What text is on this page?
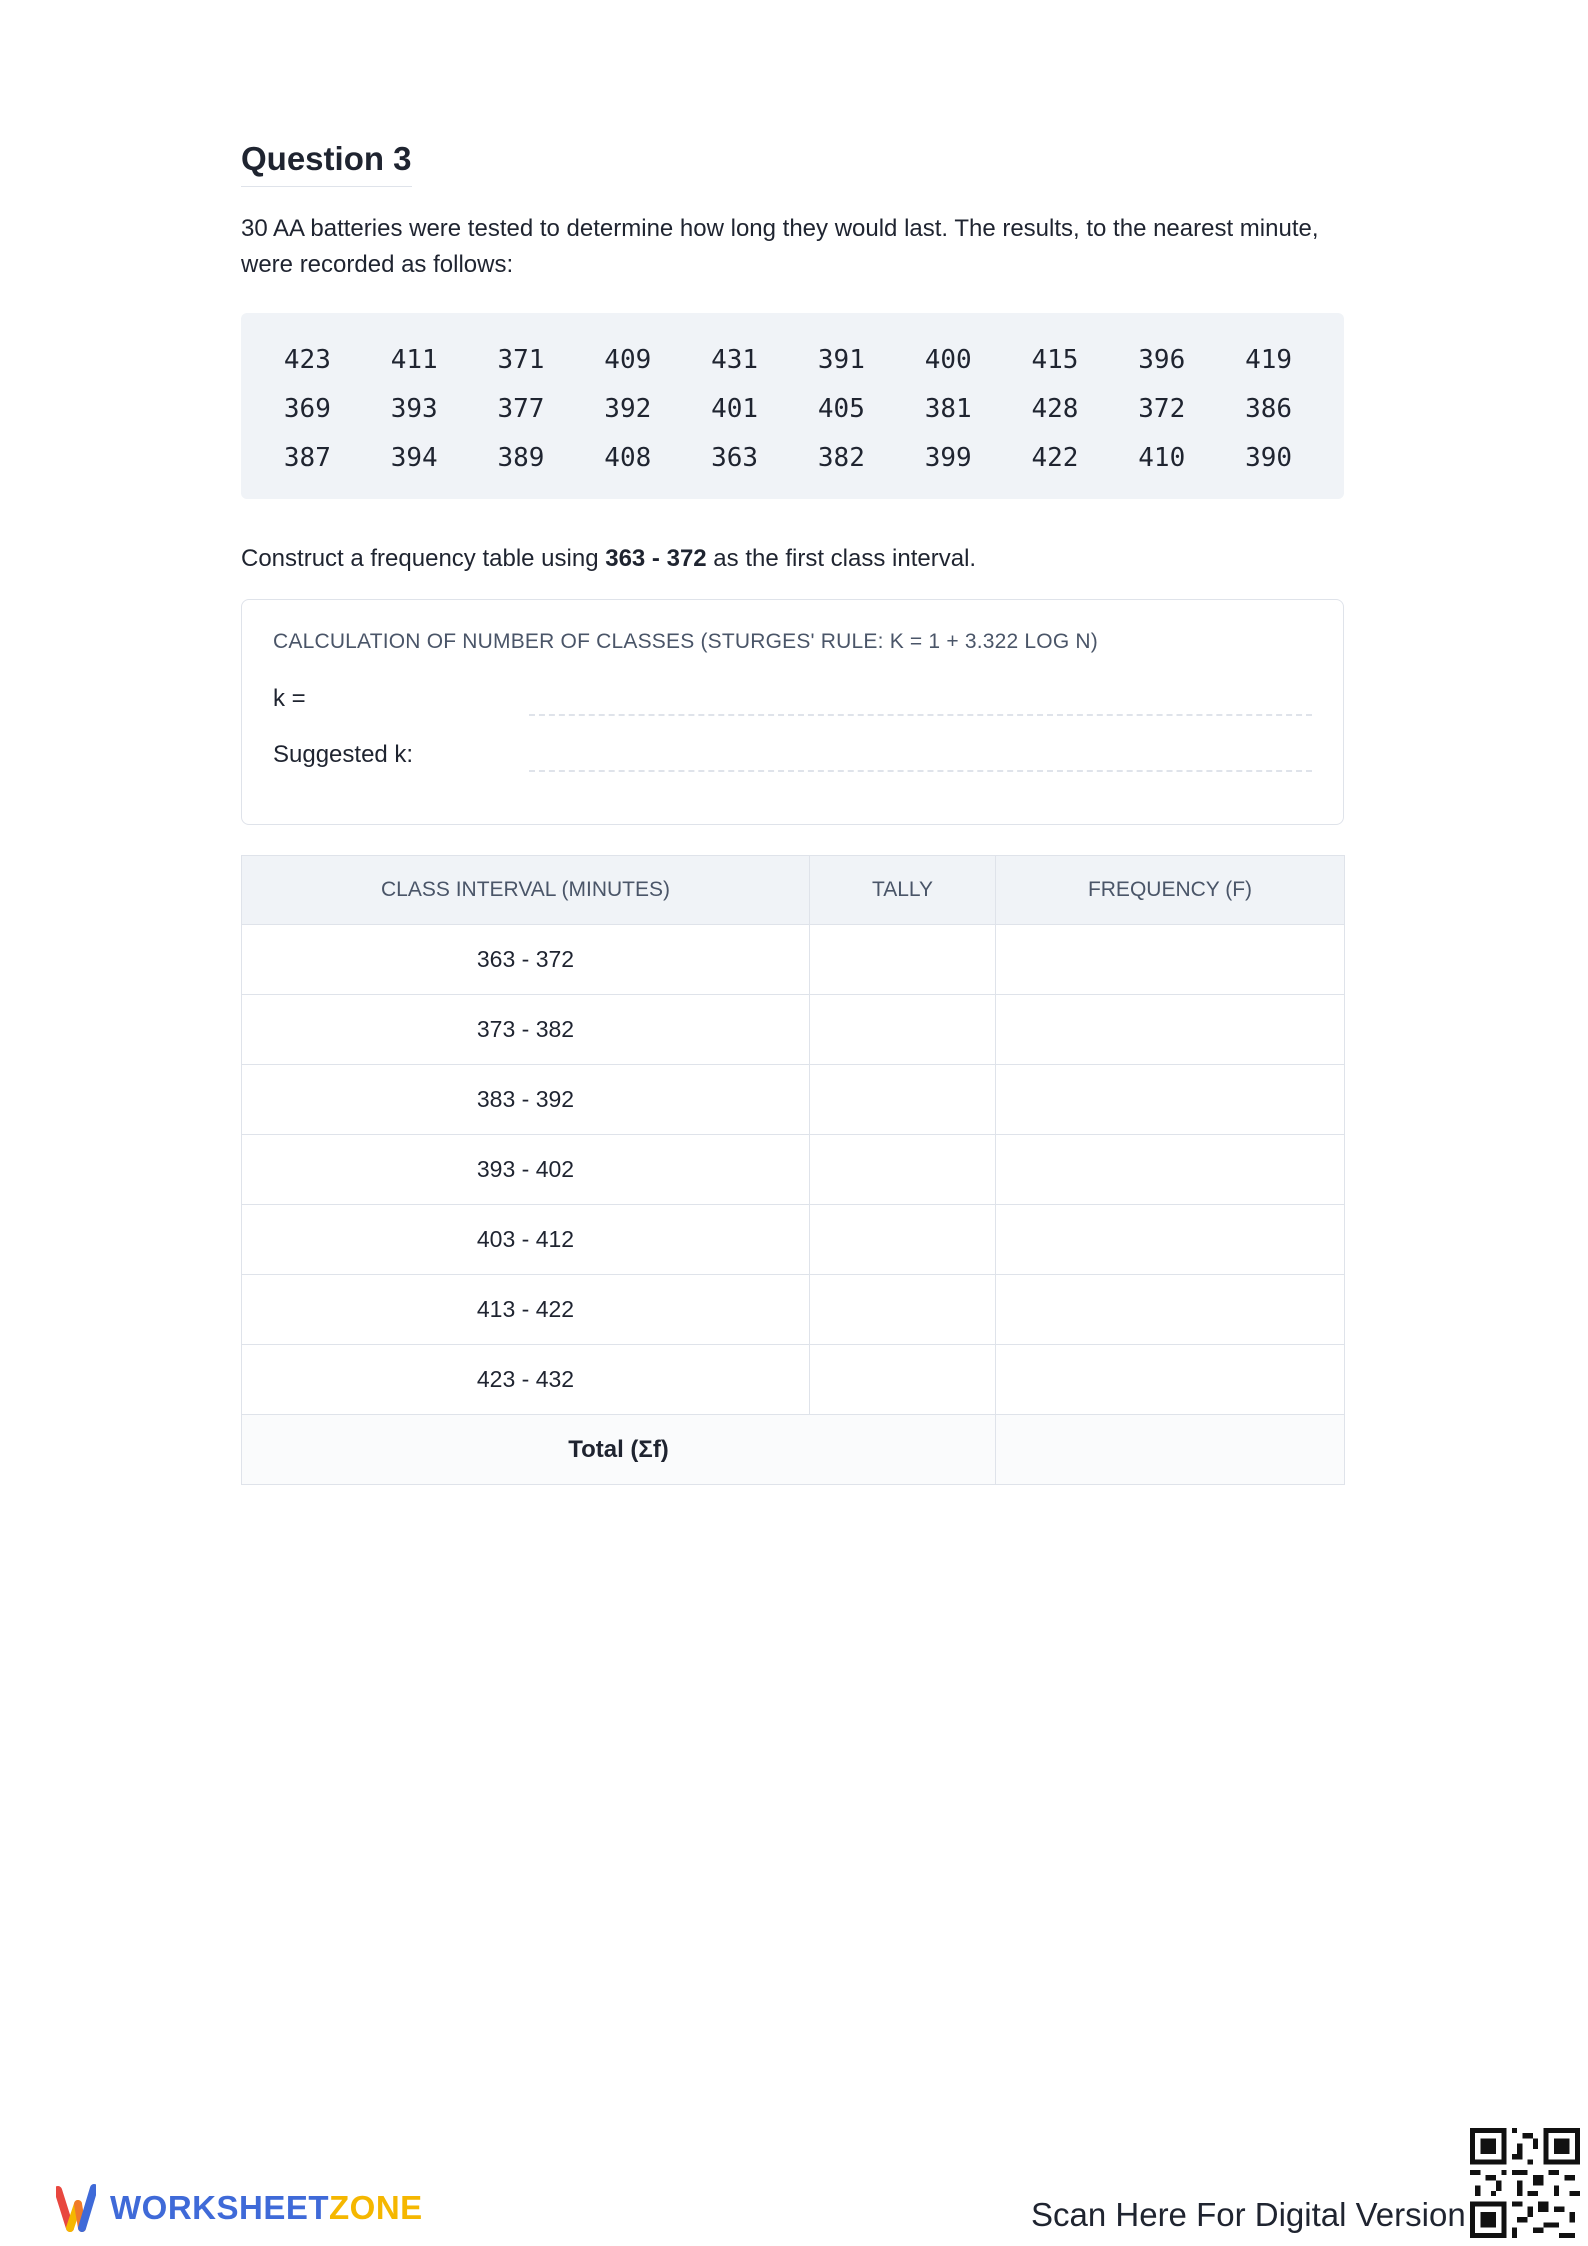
Question 3

30 AA batteries were tested to determine how long they would last. The results, to the nearest minute, were recorded as follows:

423	411	371	409	431	391	400	415	396	419
369	393	377	392	401	405	381	428	372	386
387	394	389	408	363	382	399	422	410	390

Construct a frequency table using 363 - 372 as the first class interval.

CALCULATION OF NUMBER OF CLASSES (STURGES' RULE: K = 1 + 3.322 LOG N)
k =
Suggested k:
CLASS INTERVAL (MINUTES)	TALLY	FREQUENCY (F)
363 - 372		
373 - 382		
383 - 392		
393 - 402		
403 - 412		
413 - 422		
423 - 432		
Total (Σf)		
WORKSHEETZONE	Scan Here For Digital Version
